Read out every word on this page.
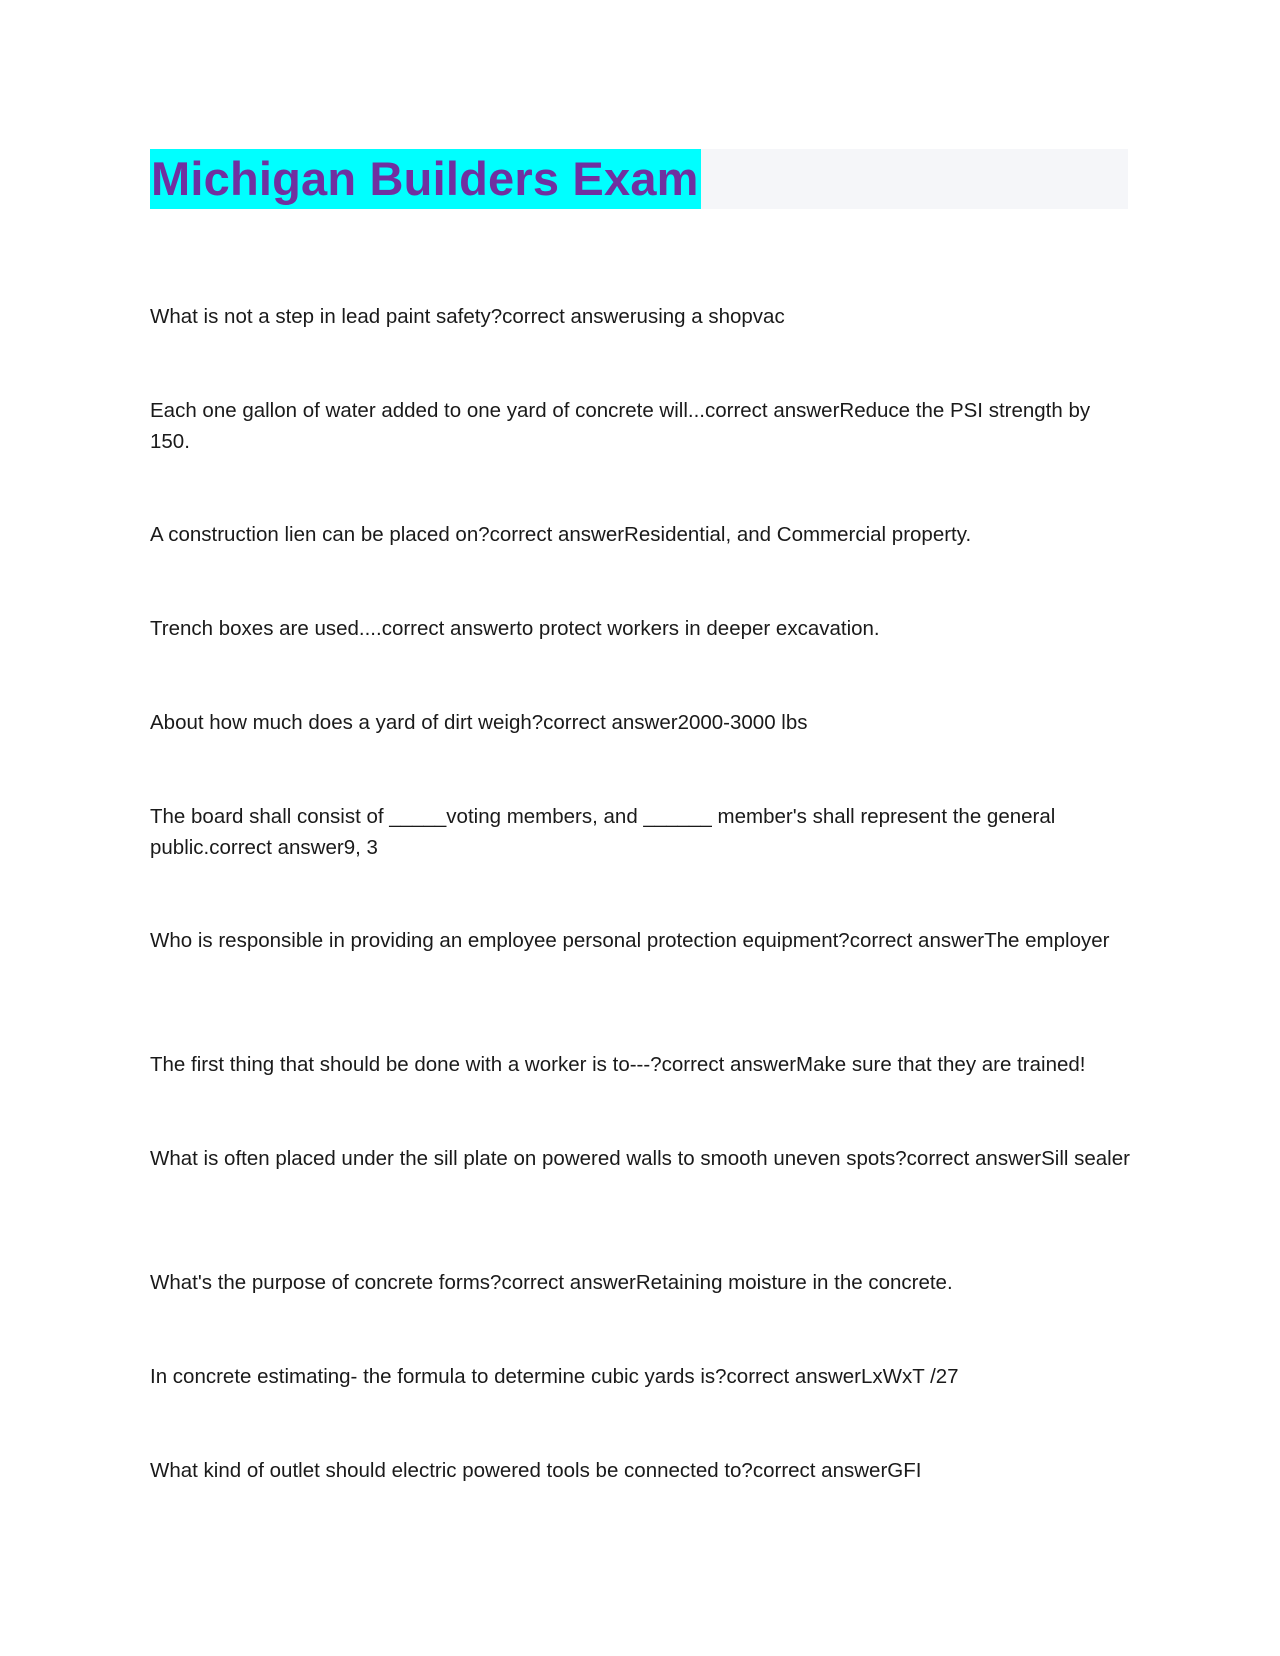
Michigan Builders Exam
What is not a step in lead paint safety?correct answerusing a shopvac
Each one gallon of water added to one yard of concrete will...correct answerReduce the PSI strength by 150.
A construction lien can be placed on?correct answerResidential, and Commercial property.
Trench boxes are used....correct answerto protect workers in deeper excavation.
About how much does a yard of dirt weigh?correct answer2000-3000 lbs
The board shall consist of _____voting members, and ______ member's shall represent the general public.correct answer9, 3
Who is responsible in providing an employee personal protection equipment?correct answerThe employer
The first thing that should be done with a worker is to---?correct answerMake sure that they are trained!
What is often placed under the sill plate on powered walls to smooth uneven spots?correct answerSill sealer
What's the purpose of concrete forms?correct answerRetaining moisture in the concrete.
In concrete estimating- the formula to determine cubic yards is?correct answerLxWxT /27
What kind of outlet should electric powered tools be connected to?correct answerGFI
